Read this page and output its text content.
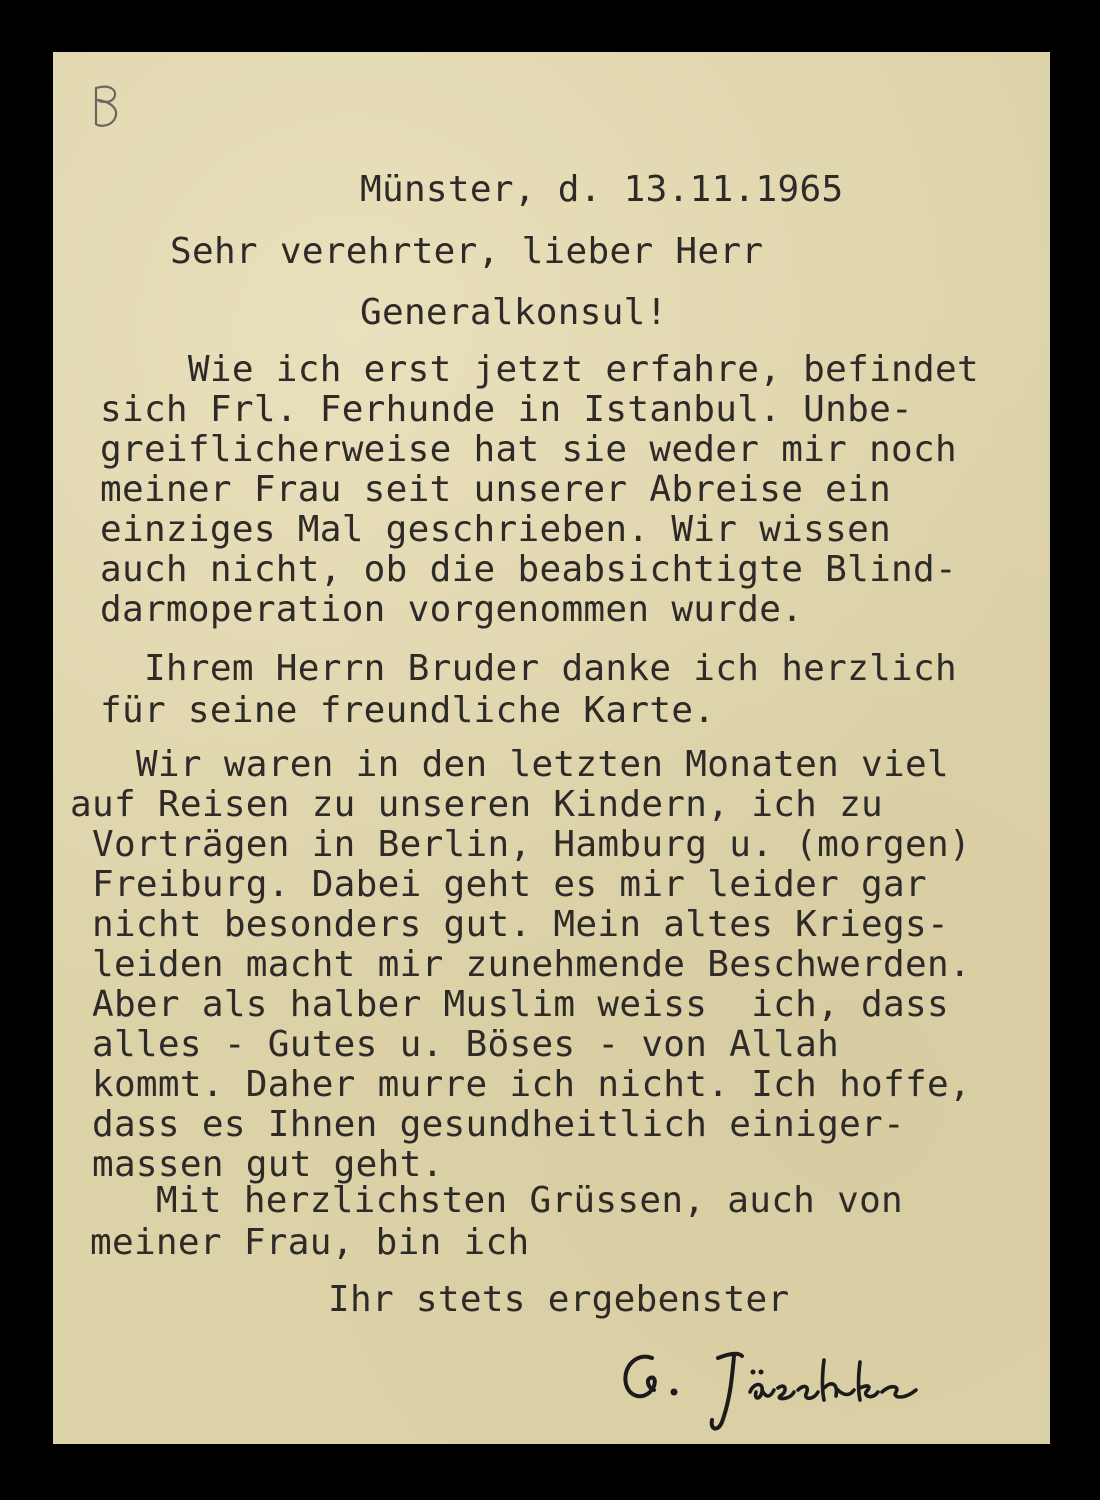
Münster, d. 13.11.1965

Sehr verehrter, lieber Herr

Generalkonsul!

Wie ich erst jetzt erfahre, befindet
sich Frl. Ferhunde in Istanbul. Unbe-
greiflicherweise hat sie weder mir noch
meiner Frau seit unserer Abreise ein
einziges Mal geschrieben. Wir wissen
auch nicht, ob die beabsichtigte Blind-
darmoperation vorgenommen wurde.

Ihrem Herrn Bruder danke ich herzlich
für seine freundliche Karte.

Wir waren in den letzten Monaten viel
auf Reisen zu unseren Kindern, ich zu
Vorträgen in Berlin, Hamburg u. (morgen)
Freiburg. Dabei geht es mir leider gar
nicht besonders gut. Mein altes Kriegs-
leiden macht mir zunehmende Beschwerden.
Aber als halber Muslim weiss  ich, dass
alles - Gutes u. Böses - von Allah
kommt. Daher murre ich nicht. Ich hoffe,
dass es Ihnen gesundheitlich einiger-
massen gut geht.

Mit herzlichsten Grüssen, auch von
meiner Frau, bin ich

Ihr stets ergebenster
